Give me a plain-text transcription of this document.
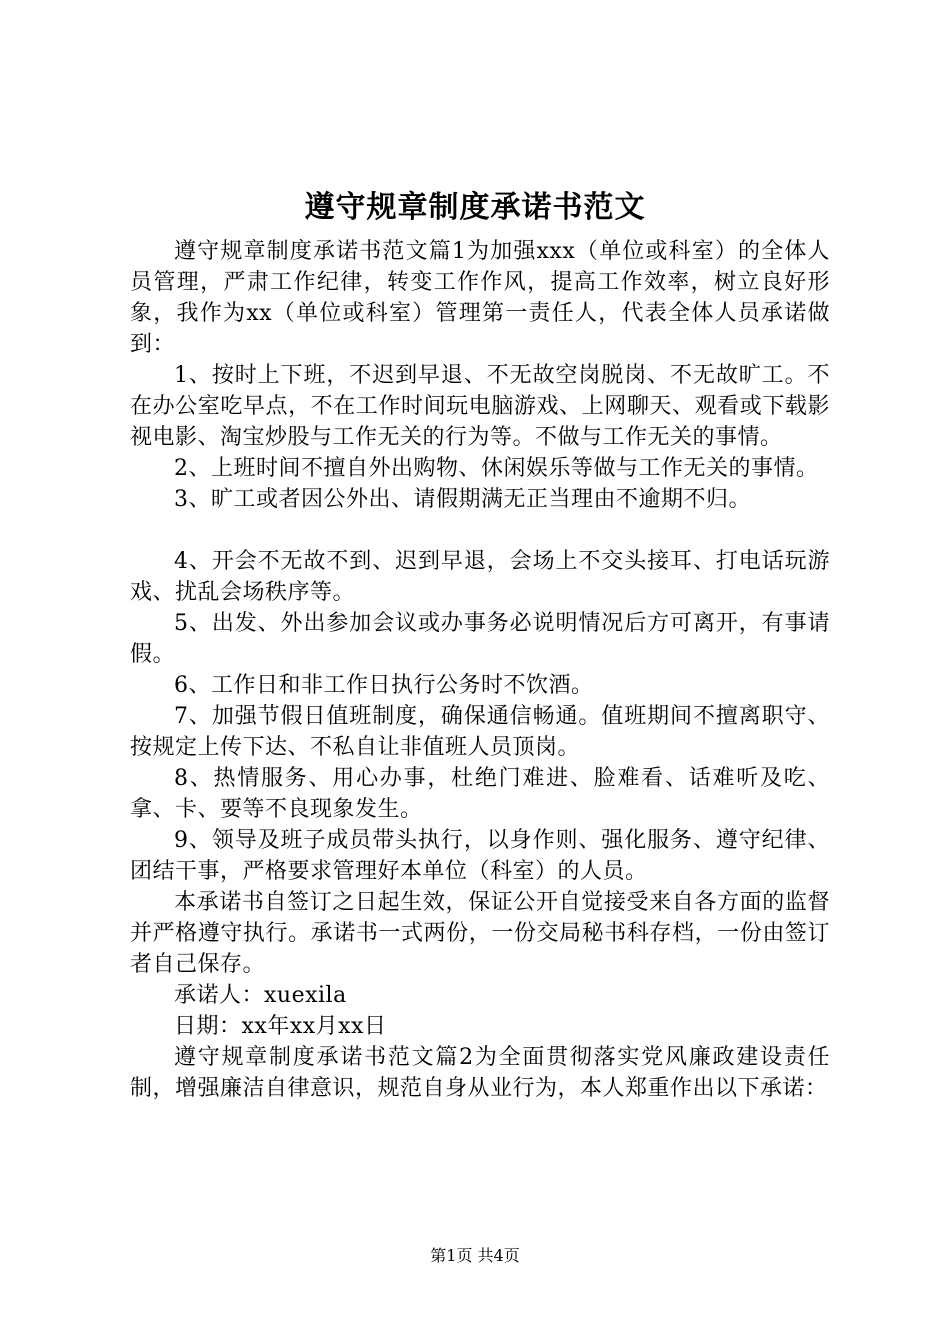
遵守规章制度承诺书范文

遵守规章制度承诺书范文篇1为加强xxx（单位或科室）的全体人员管理，严肃工作纪律，转变工作作风，提高工作效率，树立良好形象，我作为xx（单位或科室）管理第一责任人，代表全体人员承诺做到：

1、按时上下班，不迟到早退、不无故空岗脱岗、不无故旷工。不在办公室吃早点，不在工作时间玩电脑游戏、上网聊天、观看或下载影视电影、淘宝炒股与工作无关的行为等。不做与工作无关的事情。

2、上班时间不擅自外出购物、休闲娱乐等做与工作无关的事情。

3、旷工或者因公外出、请假期满无正当理由不逾期不归。

4、开会不无故不到、迟到早退，会场上不交头接耳、打电话玩游戏、扰乱会场秩序等。

5、出发、外出参加会议或办事务必说明情况后方可离开，有事请假。

6、工作日和非工作日执行公务时不饮酒。

7、加强节假日值班制度，确保通信畅通。值班期间不擅离职守、按规定上传下达、不私自让非值班人员顶岗。

8、热情服务、用心办事，杜绝门难进、脸难看、话难听及吃、拿、卡、要等不良现象发生。

9、领导及班子成员带头执行，以身作则、强化服务、遵守纪律、团结干事，严格要求管理好本单位（科室）的人员。

本承诺书自签订之日起生效，保证公开自觉接受来自各方面的监督并严格遵守执行。承诺书一式两份，一份交局秘书科存档，一份由签订者自己保存。

承诺人：xuexila

日期：xx年xx月xx日

遵守规章制度承诺书范文篇2为全面贯彻落实党风廉政建设责任制，增强廉洁自律意识，规范自身从业行为，本人郑重作出以下承诺：

第1页 共4页
